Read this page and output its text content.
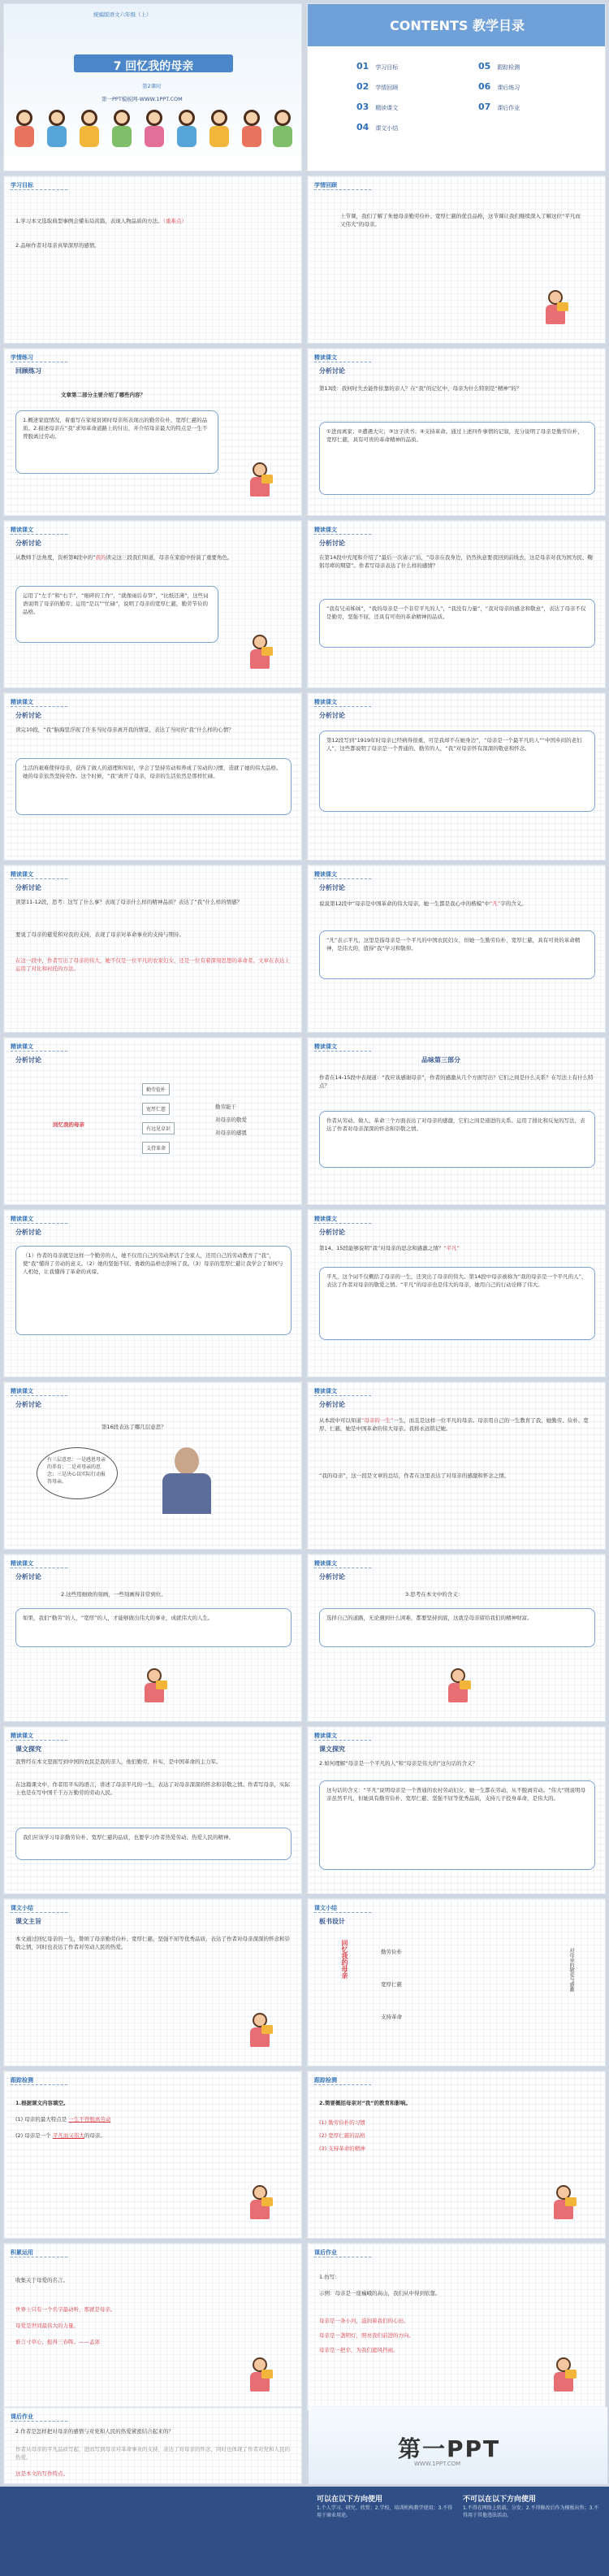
统编版语文六年级（上）
7 回忆我的母亲
第2课时
第一PPT模板网-WWW.1PPT.COM
CONTENTS 教学目录
01 学习目标
02 学情回顾
03 精读课文
04 课文小结
05 跟踪检测
06 课后练习
07 课后作业
学习目标
1.学习本文选取典型事例会懂布局黄篇，表现人物品质的方法。（重难点）
2.品味作者对母亲真挚深厚的感情。
学情回顾
上节课，我们了解了朱德母亲勤劳俭朴、宽厚仁慈的优良品格，这节课让我们继续深入了解这位“平凡而又伟大”的母亲。
学情练习
回顾练习
文章第二部分主要介绍了哪些内容？
1.概述家庭情况，着重写在家境贫困时母亲所表现出的勤劳俭朴、宽厚仁慈的品质。2.描述母亲在“我”求知革命道路上的付出，并介绍母亲最大的特点是一生不曾脱离过劳动。
精读课文
分析讨论
第13段：我何时失去能作依靠的亲人？在“我”的记忆中，母亲为什么特别是“精神”的？
①进而离家；②遭遇大灾；③这子读书；④支持革命。通过上述四件事情的记叙，充分说明了母亲是勤劳俭朴，宽厚仁慈，具有可贵的革命精神的品质。
精读课文
分析讨论
从教师手法角度，资析第8段中的“我的读完这三段我们知道，母亲在家庭中扮演了重要角色。
运用了“左手”和“右手”，“细碎的工作”，“就像雨后春笋”，“比纸还薄”，这些词语说明了母亲的勤劳；运用“是以”“忙碌”，说明了母亲的宽厚仁慈，勤劳节俭的品格。
精读课文
分析讨论
在第14段中充尾和介绍了“最后一次请示”后，“母亲在我身边，仍然执意要我回到前线去，这是母亲对我为国为民、鞠躬尽瘁的期望”。作者写母亲表达了什么样的感情？
“我有兄弟姊妹”，“我的母亲是一个非常平凡的人”，“我没有力量”，“我对母亲的感念和敬意”，表达了母亲不仅是勤劳，坚强不屈，还具有可贵的革命精神的品质。
精读课文
分析讨论
读完10段，“我”脑海里浮现了许多当时母亲离开我的情景，表达了当时的“我”什么样的心情？
生活的艰难使得母亲，获得了做人的道理和知识，学会了坚持劳动和养成了劳动的习惯，造就了她的伟大品格。她的母亲依然坚持劳作。这个时候，“我”离开了母亲，母亲的生活依然是那样忙碌。
精读课文
分析讨论
第12段写到“1919年时母亲已经病得很重，可是我却不在她身边”，“母亲是一个最平凡的人”“中国乡间的老妇人”，这些都说明了母亲是一个普通的、勤劳的人，“我”对母亲怀有深深的敬意和怀念。
精读课文
分析讨论
读第11-12段，思考：这写了什么事？表现了母亲什么样的精神品质？表达了“我”什么样的情感？
要说了母亲的慈爱和对我的支持，表现了母亲对革命事业的支持与期待。
在这一段中，作者写出了母亲的伟大，她不仅是一位平凡的农家妇女，还是一位有着深刻思想的革命者。文章在表达上运用了对比和衬托的方法。
精读课文
分析讨论
说说第12段中“母亲是中国革命的伟大母亲，她一生都是我心中的楷模”中“凡”字的含义。
“凡”表示平凡，这里是指母亲是一个平凡的中国农民妇女，但她一生勤劳俭朴，宽厚仁慈，具有可贵的革命精神，是伟大的，值得“我”学习和敬仰。
精读课文
分析讨论
回忆我的母亲
勤劳俭朴
宽厚仁慈
有远见卓识
支持革命
勤劳能干
对母亲的敬爱
对母亲的感恩
精读课文
品味第三部分
作者在14-15段中表现道：“我应该感谢母亲”，作者的感激从几个方面写出？它们之间是什么关系？在写法上有什么特点？
作者从劳动、做人、革命三个方面表达了对母亲的感激，它们之间是递进的关系。运用了排比和反复的写法，表达了作者对母亲深深的怀念和崇敬之情。
精读课文
分析讨论
（1）作者的母亲就是这样一个勤劳的人，她不仅用自己的劳动养活了全家人，还用自己的劳动教育了“我”，使“我”懂得了劳动的意义。（2）她的坚强不屈、勇敢的品格也影响了我。（3）母亲的宽厚仁慈让我学会了如何与人相处，让我懂得了革命的真谛。
精读课文
分析讨论
第14、15段能够说明“我”对母亲的思念和感激之情？“平凡”
平凡，这个词不仅概括了母亲的一生，还突出了母亲的伟大。第14段中母亲被称为“我的母亲是一个平凡的人”，表达了作者对母亲的敬爱之情。“平凡”的母亲也是伟大的母亲，她用自己的行动诠释了伟大。
精读课文
分析讨论
第16段表达了哪几层意思？
有三层意思：一是感恩母亲的养育；二是对母亲的思念；三是决心以实际行动报答母亲。
精读课文
分析讨论
从本段中可以知道“母亲的一生”一生，而且是这样一位平凡的母亲。母亲用自己的一生教育了我，她勤劳、俭朴、宽厚、仁慈，她是中国革命的伟大母亲。我将永远铭记她。
“我的母亲”，这一段是文章的总结，作者在这里表达了对母亲的感激和怀念之情。
精读课文
分析讨论
2.这些用细致的刻画，一些刻画得非常到位。
如果，我们“勤劳”的人，“宽厚”的人，才能够做出伟大的事业，成就伟大的人生。
精读课文
分析讨论
3.思考在本文中的含义：
选择自己的道路，无论遇到什么困难，都要坚持到底，这就是母亲留给我们的精神财富。
精读课文
课文探究
我曾经在本文里面写到中国的农民是我的亲人，他们勤劳、朴实，是中国革命的主力军。
在这篇课文中，作者用平实的语言，讲述了母亲平凡的一生，表达了对母亲深深的怀念和崇敬之情。作者写母亲，实际上也是在写中国千千万万勤劳的劳动人民。
我们应该学习母亲勤劳俭朴、宽厚仁慈的品质，也要学习作者热爱劳动、热爱人民的精神。
精读课文
课文探究
2.如何理解“母亲是一个平凡的人”和“母亲是伟大的”这句话的含义？
这句话的含义：“平凡”说明母亲是一个普通的农村劳动妇女，她一生都在劳动，从不脱离劳动。“伟大”则说明母亲虽然平凡，但她具有勤劳俭朴、宽厚仁慈、坚强不屈等优秀品质，支持儿子投身革命，是伟大的。
课文小结
课文主旨
本文通过回忆母亲的一生，赞颂了母亲勤劳俭朴、宽厚仁慈、坚强不屈等优秀品质，表达了作者对母亲深深的怀念和崇敬之情，同时也表达了作者对劳动人民的热爱。
课文小结
板书设计
回忆我的母亲	勤劳俭朴
宽厚仁慈
支持革命
对母亲的敬爱与感激
跟踪检测
1.根据课文内容填空。
(1) 母亲的最大特点是 一生不曾脱离劳动
(2) 母亲是一个 平凡而又伟大的母亲。
跟踪检测
2.简要概括母亲对“我”的教育和影响。
(1) 勤劳俭朴的习惯
(2) 宽厚仁慈的品格
(3) 支持革命的精神
积累运用
收集关于母爱的名言。
世界上只有一个名字最动听，那就是母亲。
母爱是世间最伟大的力量。
谁言寸草心，报得三春晖。——孟郊
课后作业
1.仿写：
示例：母亲是一座巍峨的高山，我们从中得到依靠。
母亲是一条小河，滋润着我们的心田。
母亲是一盏明灯，照亮我们前进的方向。
母亲是一把伞，为我们遮风挡雨。
课后作业
2.作者是怎样把对母亲的感情与对党和人民的热爱紧密结合起来的？
作者从母亲的平凡品质写起，进而写到母亲对革命事业的支持，表达了对母亲的怀念，同时也体现了作者对党和人民的热爱。
这是本文的写作特点。
第一PPT
WWW.1PPT.COM
可以在以下方向使用
1.个人学习、研究、欣赏；2.学校、培训机构教学使用；3.不得用于商业用途。
不可以在以下方向使用
1.不得在网络上转载、分发；2.不得修改后作为模板出售；3.不得用于其他违法活动。
